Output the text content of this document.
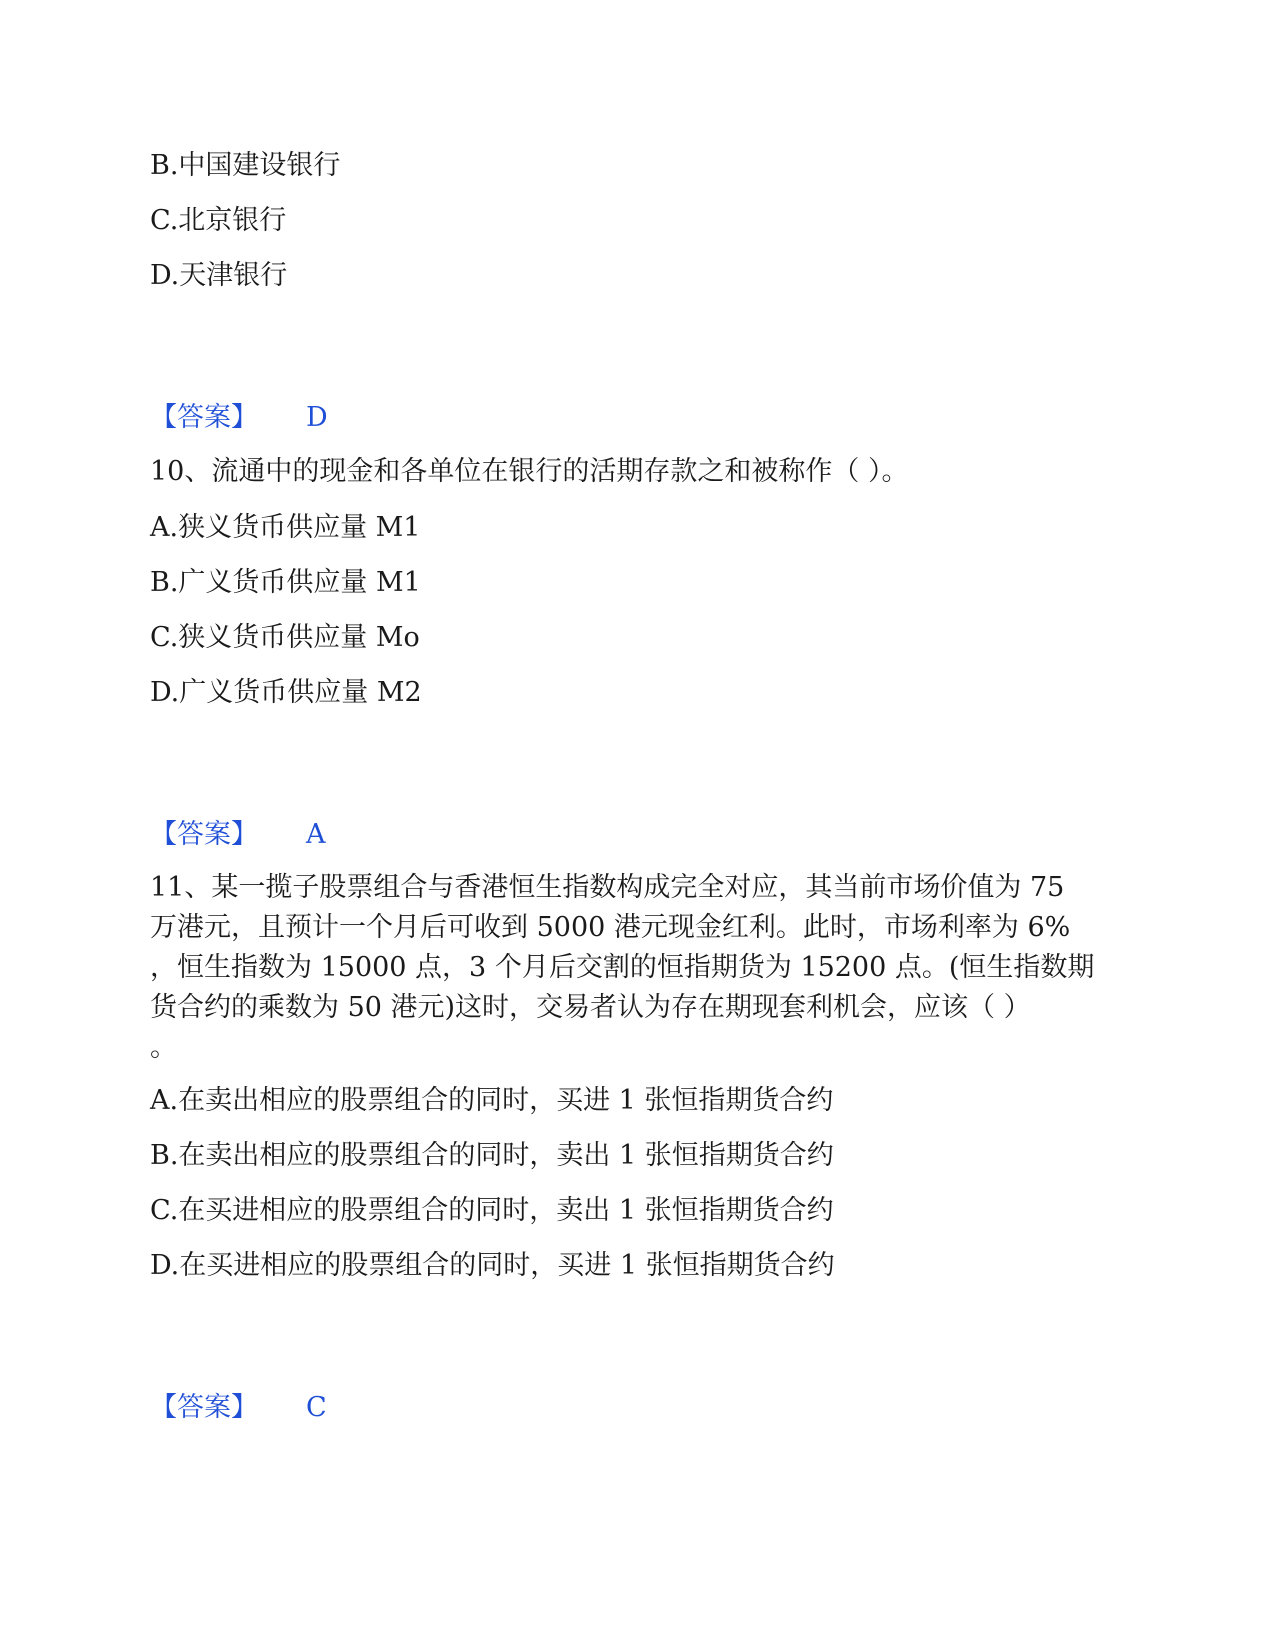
B.中国建设银行
C.北京银行
D.天津银行
【答案】 D
10、流通中的现金和各单位在银行的活期存款之和被称作（ ）。
A.狭义货币供应量 M1
B.广义货币供应量 M1
C.狭义货币供应量 Mo
D.广义货币供应量 M2
【答案】 A

11、某一揽子股票组合与香港恒生指数构成完全对应，其当前市场价值为 75

万港元，且预计一个月后可收到 5000 港元现金红利。此时，市场利率为 6%

，恒生指数为 15000 点，3 个月后交割的恒指期货为 15200 点。(恒生指数期

货合约的乘数为 50 港元)这时，交易者认为存在期现套利机会，应该（ ）

。

A.在卖出相应的股票组合的同时，买进 1 张恒指期货合约
B.在卖出相应的股票组合的同时，卖出 1 张恒指期货合约
C.在买进相应的股票组合的同时，卖出 1 张恒指期货合约
D.在买进相应的股票组合的同时，买进 1 张恒指期货合约
【答案】 C
